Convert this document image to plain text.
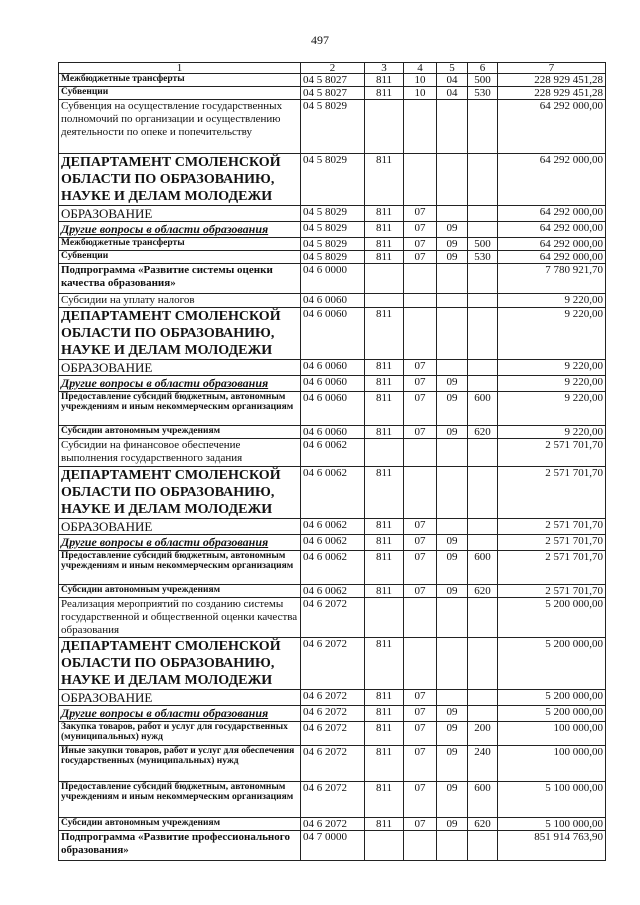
497
1	2	3	4	5	6	7
Межбюджетные трансферты	04 5 8027	811	10	04	500	228 929 451,28
Субвенции	04 5 8027	811	10	04	530	228 929 451,28
Субвенция на осуществление государственных полномочий по организации и осуществлению деятельности по опеке и попечительству	04 5 8029					64 292 000,00
ДЕПАРТАМЕНТ СМОЛЕНСКОЙ ОБЛАСТИ ПО ОБРАЗОВАНИЮ, НАУКЕ И ДЕЛАМ МОЛОДЕЖИ	04 5 8029	811				64 292 000,00
ОБРАЗОВАНИЕ	04 5 8029	811	07			64 292 000,00
Другие вопросы в области образования	04 5 8029	811	07	09		64 292 000,00
Межбюджетные трансферты	04 5 8029	811	07	09	500	64 292 000,00
Субвенции	04 5 8029	811	07	09	530	64 292 000,00
Подпрограмма «Развитие системы оценки качества образования»	04 6 0000					7 780 921,70
Субсидии на уплату налогов	04 6 0060					9 220,00
ДЕПАРТАМЕНТ СМОЛЕНСКОЙ ОБЛАСТИ ПО ОБРАЗОВАНИЮ, НАУКЕ И ДЕЛАМ МОЛОДЕЖИ	04 6 0060	811				9 220,00
ОБРАЗОВАНИЕ	04 6 0060	811	07			9 220,00
Другие вопросы в области образования	04 6 0060	811	07	09		9 220,00
Предоставление субсидий бюджетным, автономным учреждениям и иным некоммерческим организациям	04 6 0060	811	07	09	600	9 220,00
Субсидии автономным учреждениям	04 6 0060	811	07	09	620	9 220,00
Субсидии на финансовое обеспечение выполнения государственного задания	04 6 0062					2 571 701,70
ДЕПАРТАМЕНТ СМОЛЕНСКОЙ ОБЛАСТИ ПО ОБРАЗОВАНИЮ, НАУКЕ И ДЕЛАМ МОЛОДЕЖИ	04 6 0062	811				2 571 701,70
ОБРАЗОВАНИЕ	04 6 0062	811	07			2 571 701,70
Другие вопросы в области образования	04 6 0062	811	07	09		2 571 701,70
Предоставление субсидий бюджетным, автономным учреждениям и иным некоммерческим организациям	04 6 0062	811	07	09	600	2 571 701,70
Субсидии автономным учреждениям	04 6 0062	811	07	09	620	2 571 701,70
Реализация мероприятий по созданию системы государственной и общественной оценки качества образования	04 6 2072					5 200 000,00
ДЕПАРТАМЕНТ СМОЛЕНСКОЙ ОБЛАСТИ ПО ОБРАЗОВАНИЮ, НАУКЕ И ДЕЛАМ МОЛОДЕЖИ	04 6 2072	811				5 200 000,00
ОБРАЗОВАНИЕ	04 6 2072	811	07			5 200 000,00
Другие вопросы в области образования	04 6 2072	811	07	09		5 200 000,00
Закупка товаров, работ и услуг для государственных (муниципальных) нужд	04 6 2072	811	07	09	200	100 000,00
Иные закупки товаров, работ и услуг для обеспечения государственных (муниципальных) нужд	04 6 2072	811	07	09	240	100 000,00
Предоставление субсидий бюджетным, автономным учреждениям и иным некоммерческим организациям	04 6 2072	811	07	09	600	5 100 000,00
Субсидии автономным учреждениям	04 6 2072	811	07	09	620	5 100 000,00
Подпрограмма «Развитие профессионального образования»	04 7 0000					851 914 763,90
